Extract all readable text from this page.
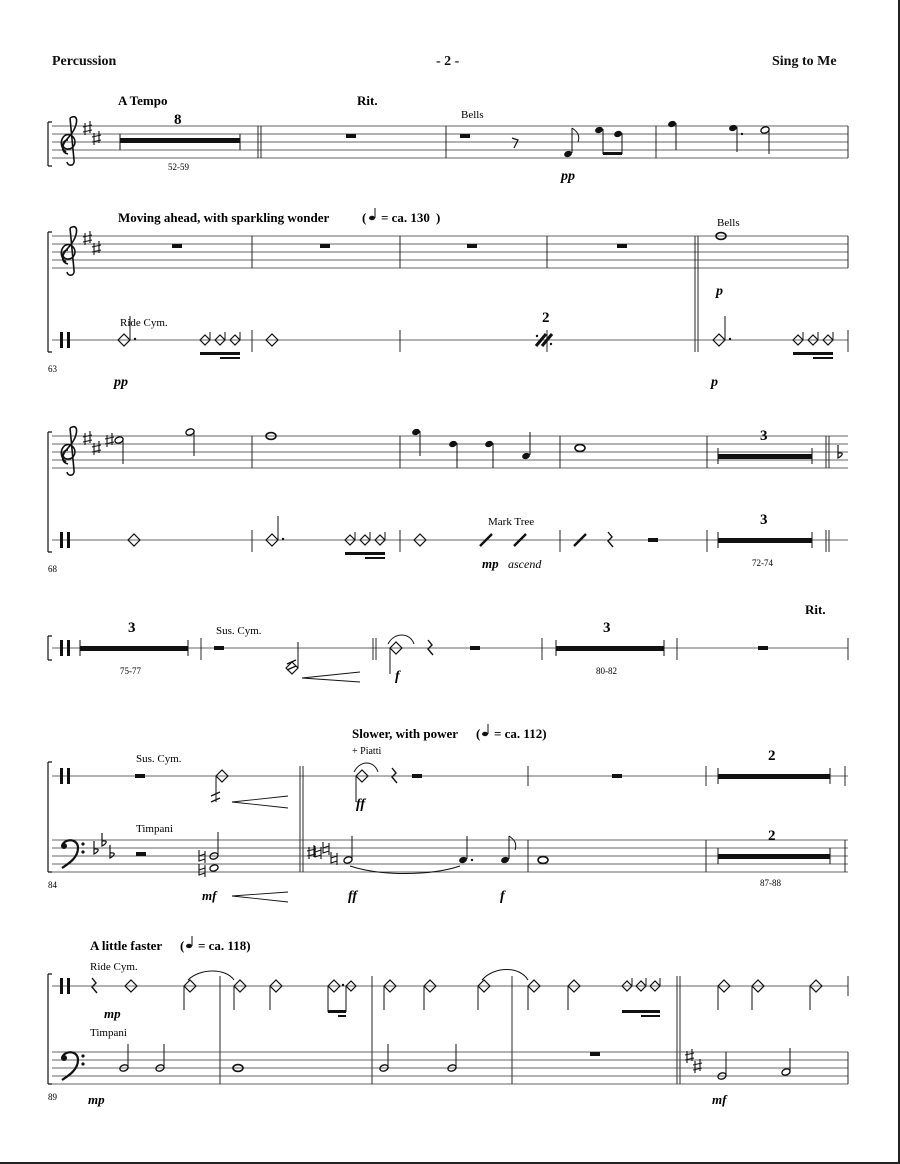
Percussion	- 2 -	Sing to Me
8
52-59
A Tempo	Rit.
Bells
pp
Moving ahead, with sparkling wonder	( = ca. 130 )	Bells
p
Ride Cym.
pp
63
2
p
3
68
Mark Tree
mp ascend
3
72-74
3
75-77
Sus. Cym.
f
3
80-82
Rit.
Slower, with power ( = ca. 112)
+ Piatti
Sus. Cym.
ff
2
Timpani
mf	ff	f
2
87-88
84
A little faster ( = ca. 118)
Ride Cym.
mp
Timpani
mp	mf
89
